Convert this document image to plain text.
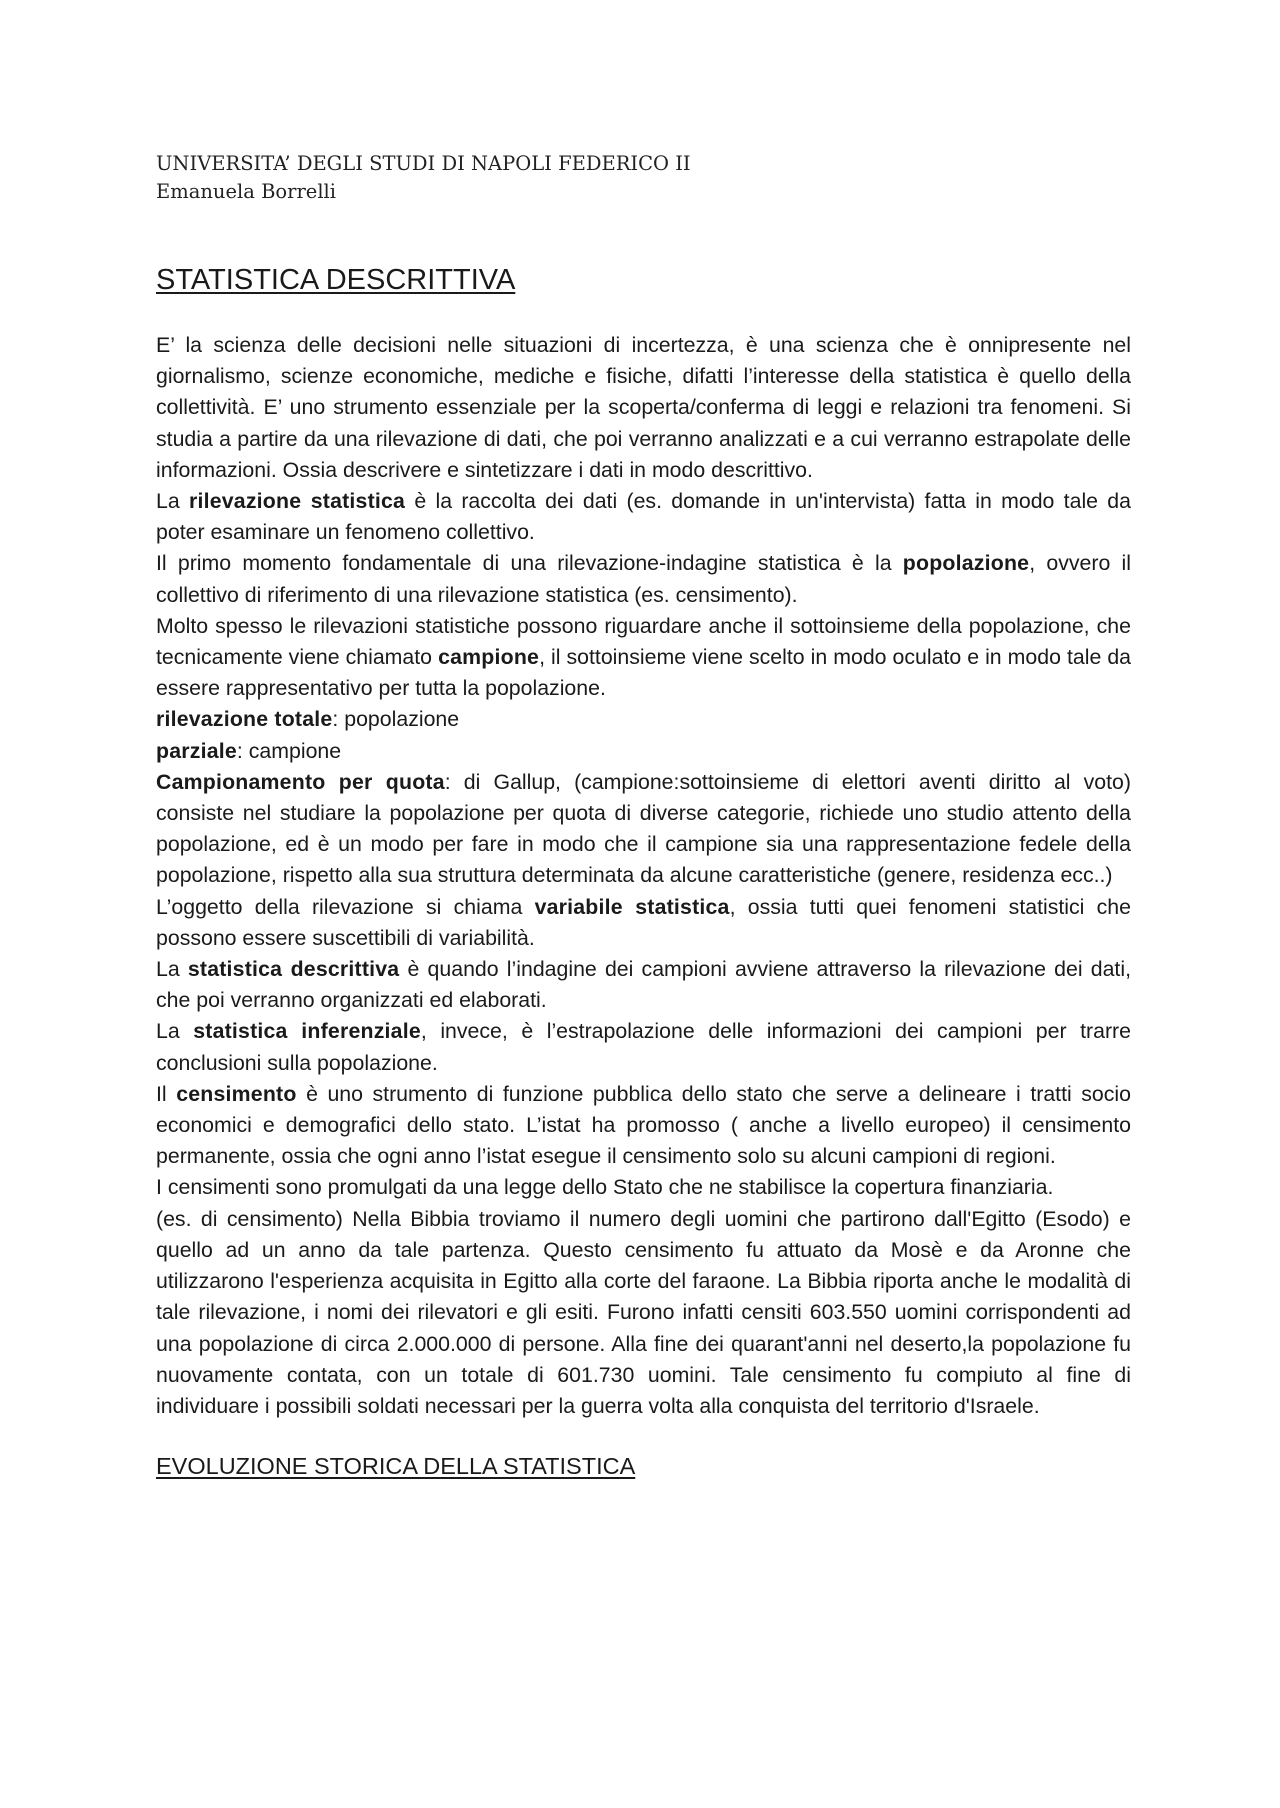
UNIVERSITA’ DEGLI STUDI DI NAPOLI FEDERICO II

Emanuela Borrelli

STATISTICA DESCRITTIVA

E’ la scienza delle decisioni nelle situazioni di incertezza, è una scienza che è onnipresente nel giornalismo, scienze economiche, mediche e fisiche, difatti l’interesse della statistica è quello della collettività. E’ uno strumento essenziale per la scoperta/conferma di leggi e relazioni tra fenomeni. Si studia a partire da una rilevazione di dati, che poi verranno analizzati e a cui verranno estrapolate delle informazioni. Ossia descrivere e sintetizzare i dati in modo descrittivo.

La rilevazione statistica è la raccolta dei dati (es. domande in un'intervista) fatta in modo tale da poter esaminare un fenomeno collettivo.

Il primo momento fondamentale di una rilevazione-indagine statistica è la popolazione, ovvero il collettivo di riferimento di una rilevazione statistica (es. censimento).

Molto spesso le rilevazioni statistiche possono riguardare anche il sottoinsieme della popolazione, che tecnicamente viene chiamato campione, il sottoinsieme viene scelto in modo oculato e in modo tale da essere rappresentativo per tutta la popolazione.

rilevazione totale: popolazione

parziale: campione

Campionamento per quota: di Gallup, (campione:sottoinsieme di elettori aventi diritto al voto) consiste nel studiare la popolazione per quota di diverse categorie, richiede uno studio attento della popolazione, ed è un modo per fare in modo che il campione sia una rappresentazione fedele della popolazione, rispetto alla sua struttura determinata da alcune caratteristiche (genere, residenza ecc..)

L’oggetto della rilevazione si chiama variabile statistica, ossia tutti quei fenomeni statistici che possono essere suscettibili di variabilità.

La statistica descrittiva è quando l’indagine dei campioni avviene attraverso la rilevazione dei dati, che poi verranno organizzati ed elaborati.

La statistica inferenziale, invece, è l’estrapolazione delle informazioni dei campioni per trarre conclusioni sulla popolazione.

Il censimento è uno strumento di funzione pubblica dello stato che serve a delineare i tratti socio economici e demografici dello stato. L’istat ha promosso ( anche a livello europeo) il censimento permanente, ossia che ogni anno l’istat esegue il censimento solo su alcuni campioni di regioni.

I censimenti sono promulgati da una legge dello Stato che ne stabilisce la copertura finanziaria.

(es. di censimento) Nella Bibbia troviamo il numero degli uomini che partirono dall'Egitto (Esodo) e quello ad un anno da tale partenza. Questo censimento fu attuato da Mosè e da Aronne che utilizzarono l'esperienza acquisita in Egitto alla corte del faraone. La Bibbia riporta anche le modalità di tale rilevazione, i nomi dei rilevatori e gli esiti. Furono infatti censiti 603.550 uomini corrispondenti ad una popolazione di circa 2.000.000 di persone. Alla fine dei quarant'anni nel deserto,la popolazione fu nuovamente contata, con un totale di 601.730 uomini. Tale censimento fu compiuto al fine di individuare i possibili soldati necessari per la guerra volta alla conquista del territorio d'Israele.

EVOLUZIONE STORICA DELLA STATISTICA
